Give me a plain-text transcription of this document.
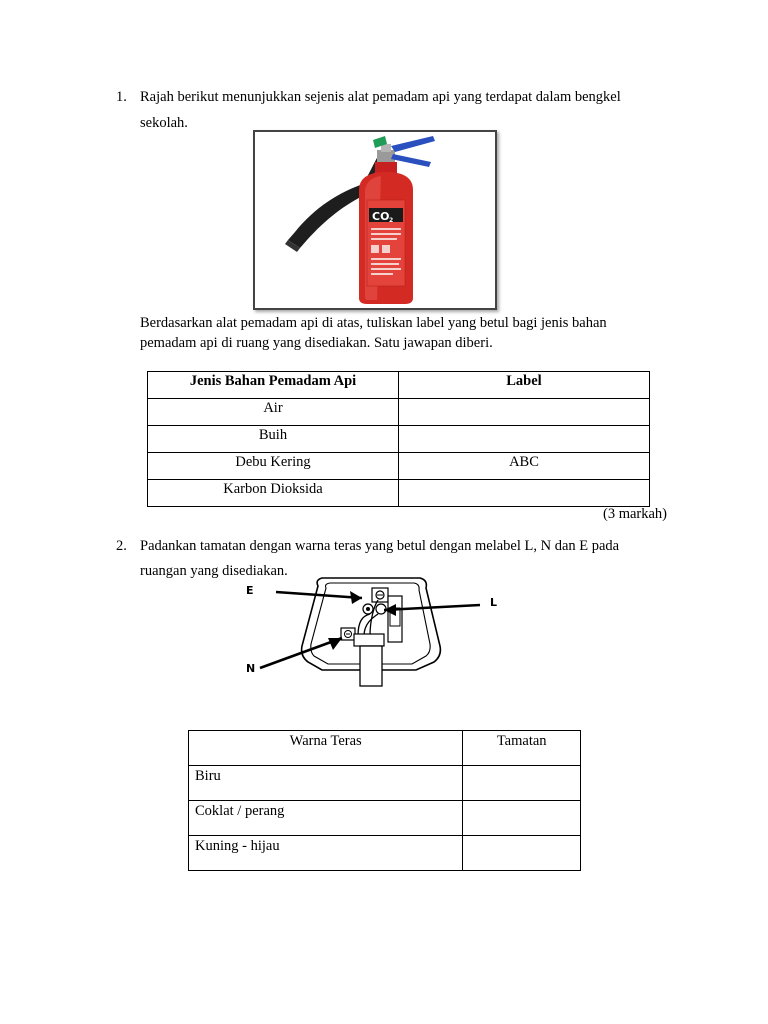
1. Rajah berikut menunjukkan sejenis alat pemadam api yang terdapat dalam bengkel
sekolah.
CO 2
Berdasarkan alat pemadam api di atas, tuliskan label yang betul bagi jenis bahan
pemadam api di ruang yang disediakan. Satu jawapan diberi.
Jenis Bahan Pemadam Api	Label
Air	
Buih	
Debu Kering	ABC
Karbon Dioksida	
(3 markah)
2. Padankan tamatan dengan warna teras yang betul dengan melabel L, N dan E pada
ruangan yang disediakan.
E
L
N
Warna Teras	Tamatan
Biru	
Coklat / perang	
Kuning - hijau	
